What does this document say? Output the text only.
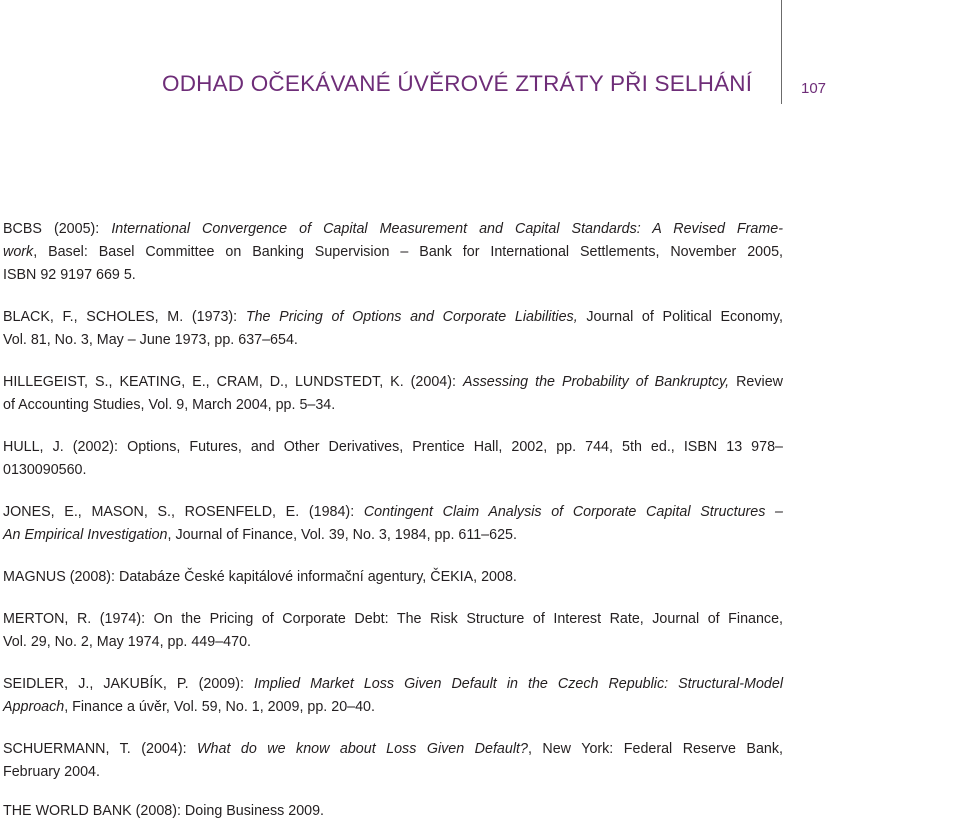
ODHAD OČEKÁVANÉ ÚVĚROVÉ ZTRÁTY PŘI SELHÁNÍ	107
BCBS (2005): International Convergence of Capital Measurement and Capital Standards: A Revised Frame-
work, Basel: Basel Committee on Banking Supervision – Bank for International Settlements, November 2005,
ISBN 92 9197 669 5.
BLACK, F., SCHOLES, M. (1973): The Pricing of Options and Corporate Liabilities, Journal of Political Economy,
Vol. 81, No. 3, May – June 1973, pp. 637–654.
HILLEGEIST, S., KEATING, E., CRAM, D., LUNDSTEDT, K. (2004): Assessing the Probability of Bankruptcy, Review
of Accounting Studies, Vol. 9, March 2004, pp. 5–34.
HULL, J. (2002): Options, Futures, and Other Derivatives, Prentice Hall, 2002, pp. 744, 5th ed., ISBN 13 978–
0130090560.
JONES, E., MASON, S., ROSENFELD, E. (1984): Contingent Claim Analysis of Corporate Capital Structures –
An Empirical Investigation, Journal of Finance, Vol. 39, No. 3, 1984, pp. 611–625.
MAGNUS (2008): Databáze České kapitálové informační agentury, ČEKIA, 2008.
MERTON, R. (1974): On the Pricing of Corporate Debt: The Risk Structure of Interest Rate, Journal of Finance,
Vol. 29, No. 2, May 1974, pp. 449–470.
SEIDLER, J., JAKUBÍK, P. (2009): Implied Market Loss Given Default in the Czech Republic: Structural-Model
Approach, Finance a úvěr, Vol. 59, No. 1, 2009, pp. 20–40.
SCHUERMANN, T. (2004): What do we know about Loss Given Default?, New York: Federal Reserve Bank,
February 2004.
THE WORLD BANK (2008): Doing Business 2009.
